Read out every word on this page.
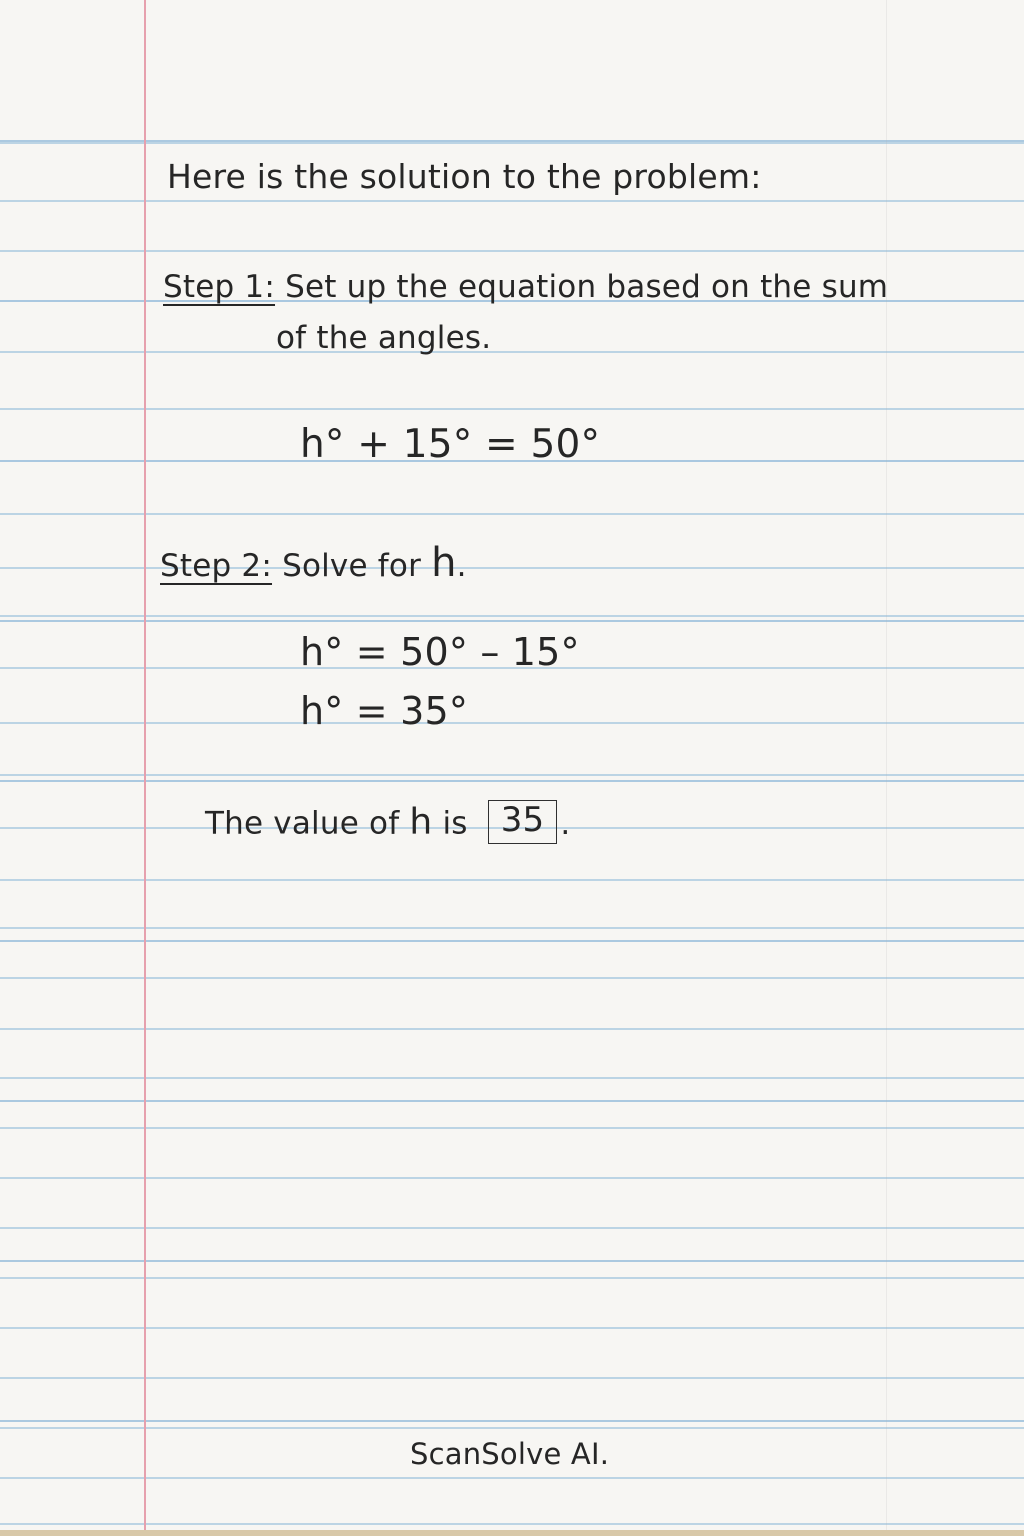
Here is the solution to the problem:
Step 1: Set up the equation based on the sum
of the angles.
h° + 15° = 50°
Step 2: Solve for h.
h° = 50° – 15°
h° = 35°
The value of h is 35 .
ScanSolve AI.
